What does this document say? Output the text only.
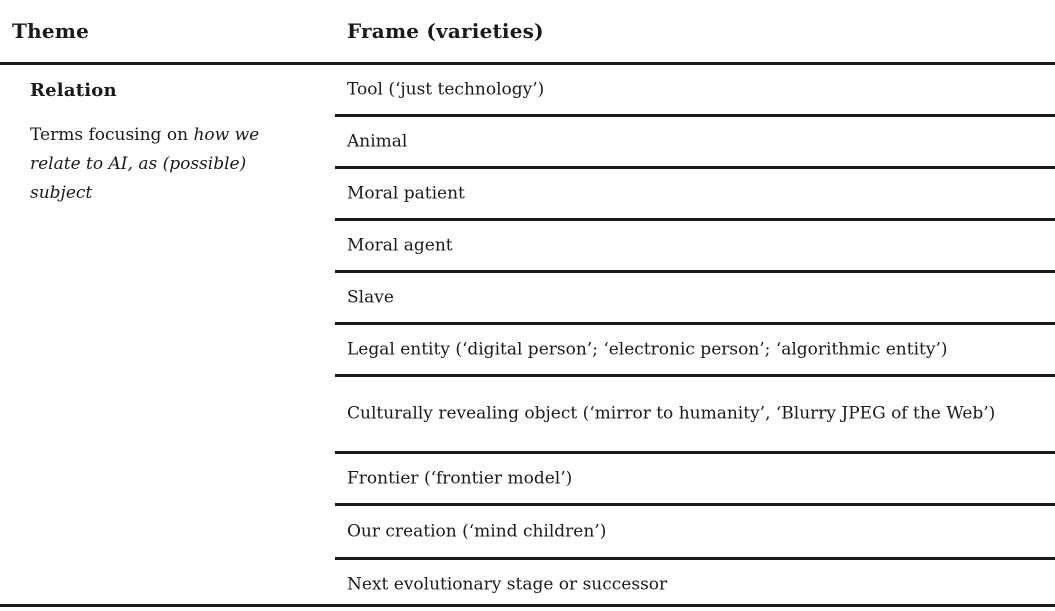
Theme	Frame (varieties)
Relation
Terms focusing on how we relate to AI, as (possible) subject
Tool (‘just technology’)
Animal
Moral patient
Moral agent
Slave
Legal entity (‘digital person’; ‘electronic person’; ‘algorithmic entity’)
Culturally revealing object (‘mirror to humanity’, ‘Blurry JPEG of the Web’)
Frontier (‘frontier model’)
Our creation (‘mind children’)
Next evolutionary stage or successor
